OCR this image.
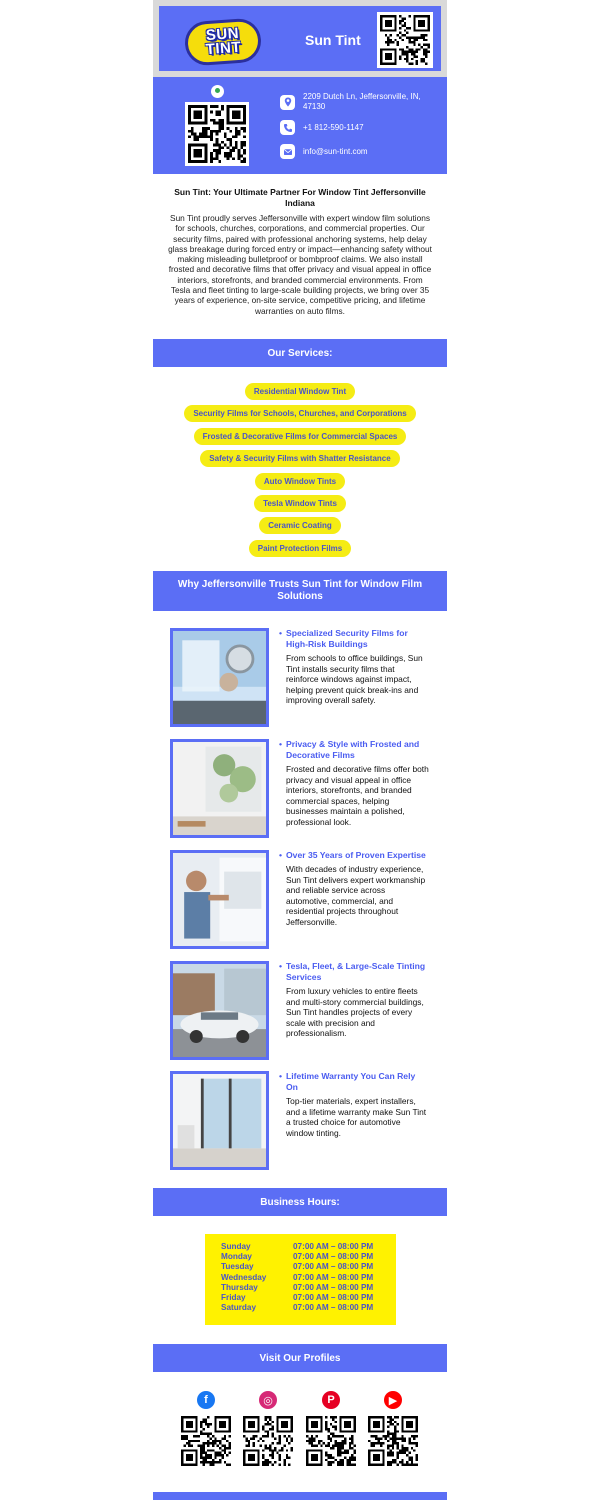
SUN
TINT	Sun Tint
2209 Dutch Ln, Jeffersonville, IN, 47130
+1 812-590-1147
info@sun-tint.com
Sun Tint: Your Ultimate Partner For Window Tint Jeffersonville Indiana
Sun Tint proudly serves Jeffersonville with expert window film solutions for schools, churches, corporations, and commercial properties. Our security films, paired with professional anchoring systems, help delay glass breakage during forced entry or impact—enhancing safety without making misleading bulletproof or bombproof claims. We also install frosted and decorative films that offer privacy and visual appeal in office interiors, storefronts, and branded commercial environments. From Tesla and fleet tinting to large-scale building projects, we bring over 35 years of experience, on-site service, competitive pricing, and lifetime warranties on auto films.
Our Services:
Residential Window Tint
Security Films for Schools, Churches, and Corporations
Frosted & Decorative Films for Commercial Spaces
Safety & Security Films with Shatter Resistance
Auto Window Tints
Tesla Window Tints
Ceramic Coating
Paint Protection Films
Why Jeffersonville Trusts Sun Tint for Window Film Solutions
• Specialized Security Films for High-Risk Buildings
From schools to office buildings, Sun Tint installs security films that reinforce windows against impact, helping prevent quick break-ins and improving overall safety.
• Privacy & Style with Frosted and Decorative Films
Frosted and decorative films offer both privacy and visual appeal in office interiors, storefronts, and branded commercial spaces, helping businesses maintain a polished, professional look.
• Over 35 Years of Proven Expertise
With decades of industry experience, Sun Tint delivers expert workmanship and reliable service across automotive, commercial, and residential projects throughout Jeffersonville.
• Tesla, Fleet, & Large-Scale Tinting Services
From luxury vehicles to entire fleets and multi-story commercial buildings, Sun Tint handles projects of every scale with precision and professionalism.
• Lifetime Warranty You Can Rely On
Top-tier materials, expert installers, and a lifetime warranty make Sun Tint a trusted choice for automotive window tinting.
Business Hours:
Sunday	07:00 AM – 08:00 PM
Monday	07:00 AM – 08:00 PM
Tuesday	07:00 AM – 08:00 PM
Wednesday	07:00 AM – 08:00 PM
Thursday	07:00 AM – 08:00 PM
Friday	07:00 AM – 08:00 PM
Saturday	07:00 AM – 08:00 PM
Visit Our Profiles
f	◎	P	▶
